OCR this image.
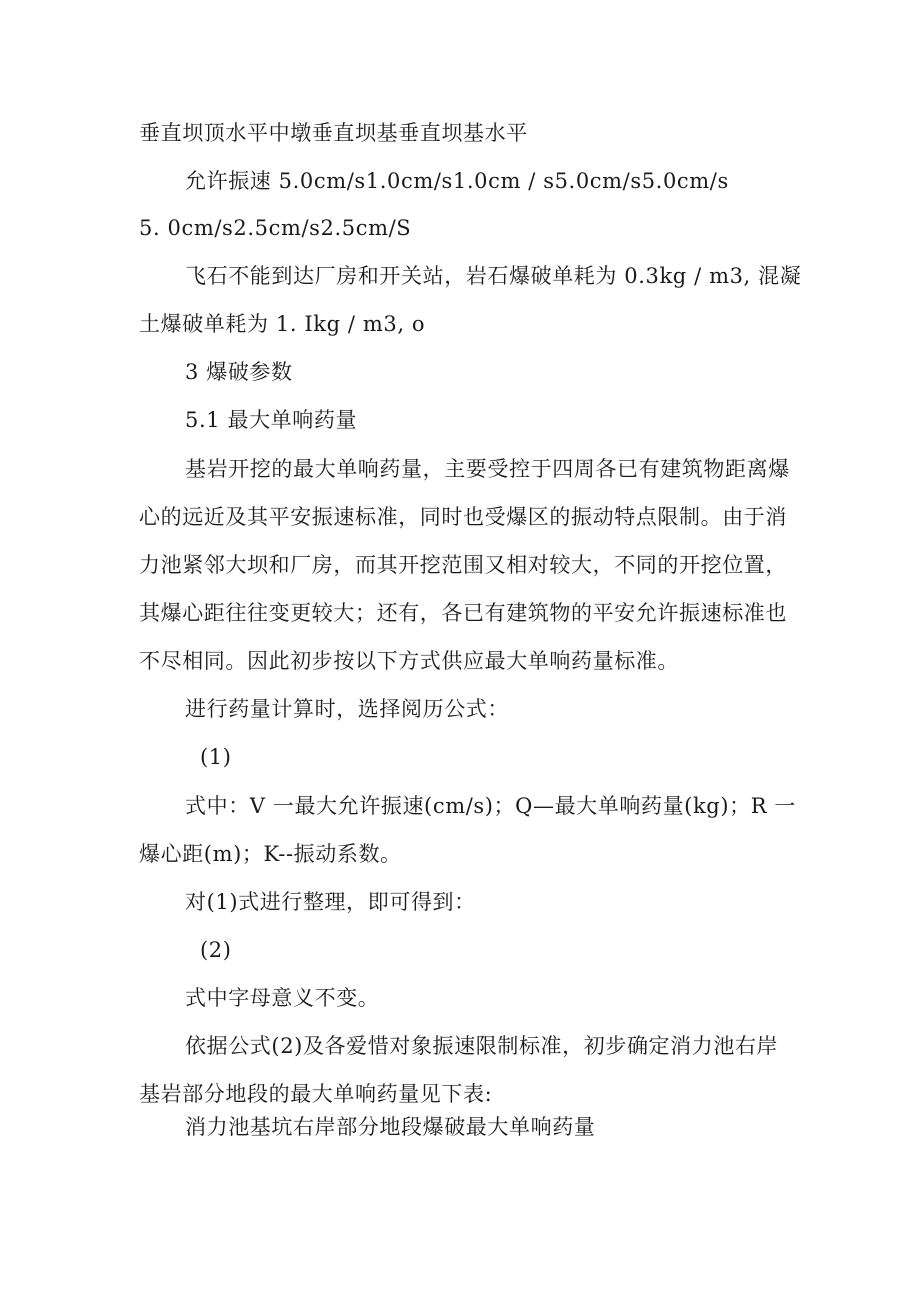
垂直坝顶水平中墩垂直坝基垂直坝基水平
允许振速 5.0cm/s1.0cm/s1.0cm / s5.0cm/s5.0cm/s
5. 0cm/s2.5cm/s2.5cm/S
飞石不能到达厂房和开关站，岩石爆破单耗为 0.3kg / m3, 混凝
土爆破单耗为 1. Ikg / m3, o
3 爆破参数
5.1 最大单响药量
基岩开挖的最大单响药量，主要受控于四周各已有建筑物距离爆
心的远近及其平安振速标准，同时也受爆区的振动特点限制。由于消
力池紧邻大坝和厂房，而其开挖范围又相对较大，不同的开挖位置，
其爆心距往往变更较大；还有，各已有建筑物的平安允许振速标准也
不尽相同。因此初步按以下方式供应最大单响药量标准。
进行药量计算时，选择阅历公式：
(1)
式中：V 一最大允许振速(cm/s)；Q—最大单响药量(kg)；R 一
爆心距(m)；K--振动系数。
对(1)式进行整理，即可得到：
(2)
式中字母意义不变。
依据公式(2)及各爱惜对象振速限制标准，初步确定消力池右岸
基岩部分地段的最大单响药量见下表:
消力池基坑右岸部分地段爆破最大单响药量
